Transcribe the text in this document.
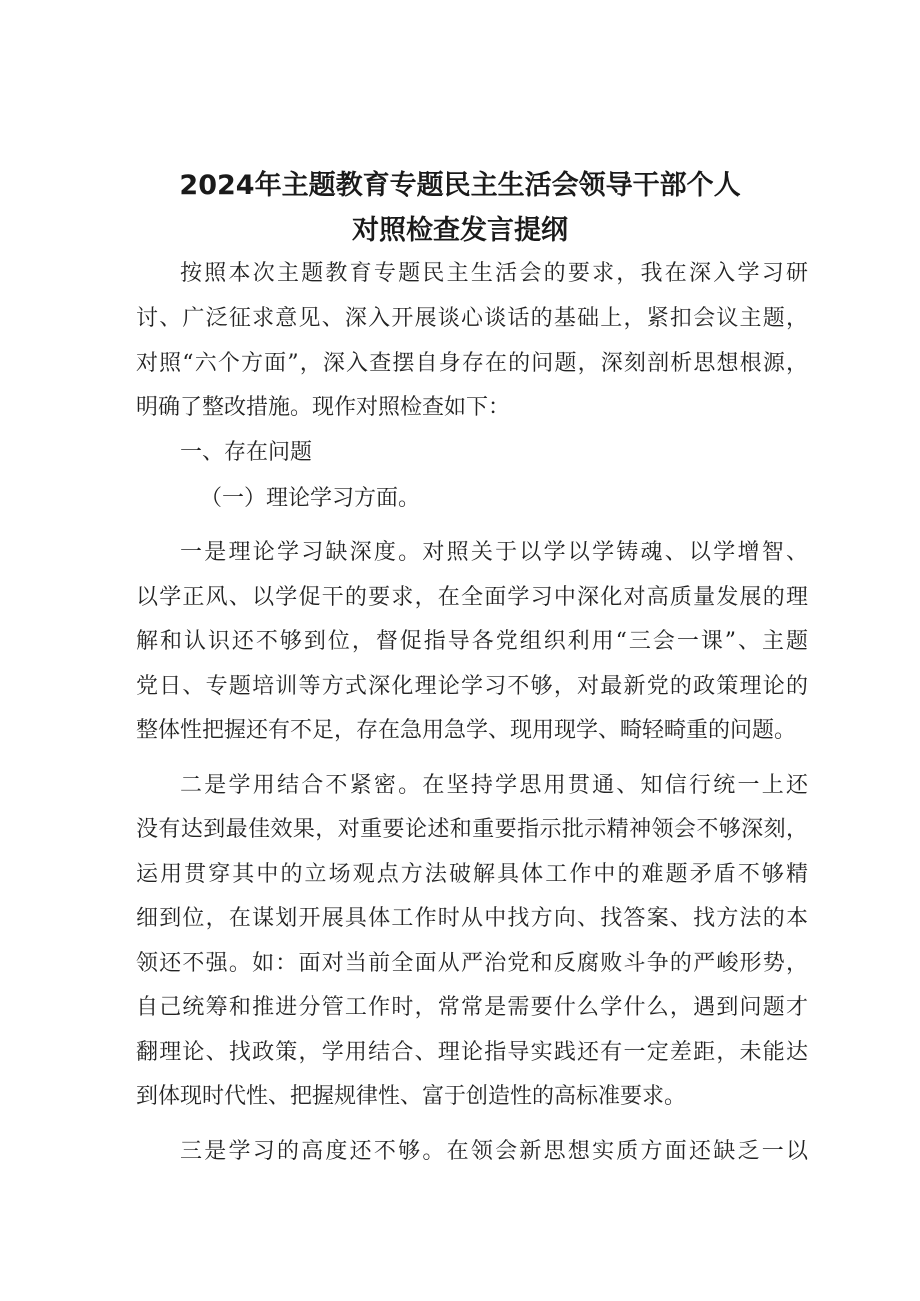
2024年主题教育专题民主生活会领导干部个人
对照检查发言提纲

按照本次主题教育专题民主生活会的要求，我在深入学习研

讨、广泛征求意见、深入开展谈心谈话的基础上，紧扣会议主题，

对照“六个方面”，深入查摆自身存在的问题，深刻剖析思想根源，

明确了整改措施。现作对照检查如下：

一、存在问题

（一）理论学习方面。

一是理论学习缺深度。对照关于以学以学铸魂、以学增智、

以学正风、以学促干的要求，在全面学习中深化对高质量发展的理

解和认识还不够到位，督促指导各党组织利用“三会一课”、主题

党日、专题培训等方式深化理论学习不够，对最新党的政策理论的

整体性把握还有不足，存在急用急学、现用现学、畸轻畸重的问题。

二是学用结合不紧密。在坚持学思用贯通、知信行统一上还

没有达到最佳效果，对重要论述和重要指示批示精神领会不够深刻，

运用贯穿其中的立场观点方法破解具体工作中的难题矛盾不够精

细到位，在谋划开展具体工作时从中找方向、找答案、找方法的本

领还不强。如：面对当前全面从严治党和反腐败斗争的严峻形势，

自己统筹和推进分管工作时，常常是需要什么学什么，遇到问题才

翻理论、找政策，学用结合、理论指导实践还有一定差距，未能达

到体现时代性、把握规律性、富于创造性的高标准要求。

三是学习的高度还不够。在领会新思想实质方面还缺乏一以
